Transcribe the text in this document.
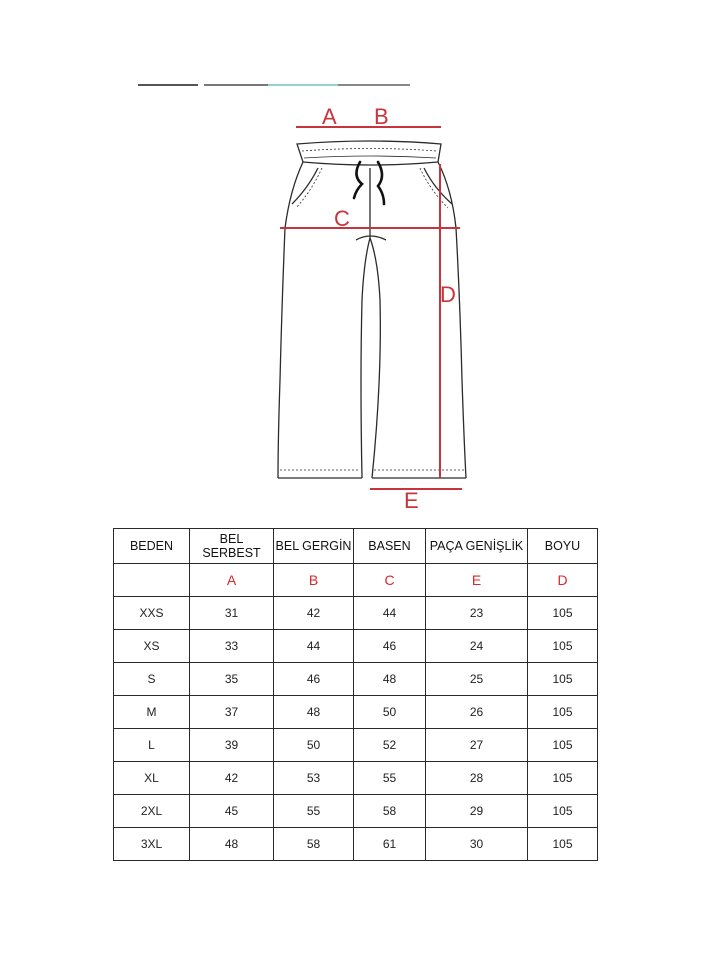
A B
C
D
E
BEDEN	BEL SERBEST	BEL GERGİN	BASEN	PAÇA GENİŞLİK	BOYU
	A	B	C	E	D
XXS	31	42	44	23	105
XS	33	44	46	24	105
S	35	46	48	25	105
M	37	48	50	26	105
L	39	50	52	27	105
XL	42	53	55	28	105
2XL	45	55	58	29	105
3XL	48	58	61	30	105
